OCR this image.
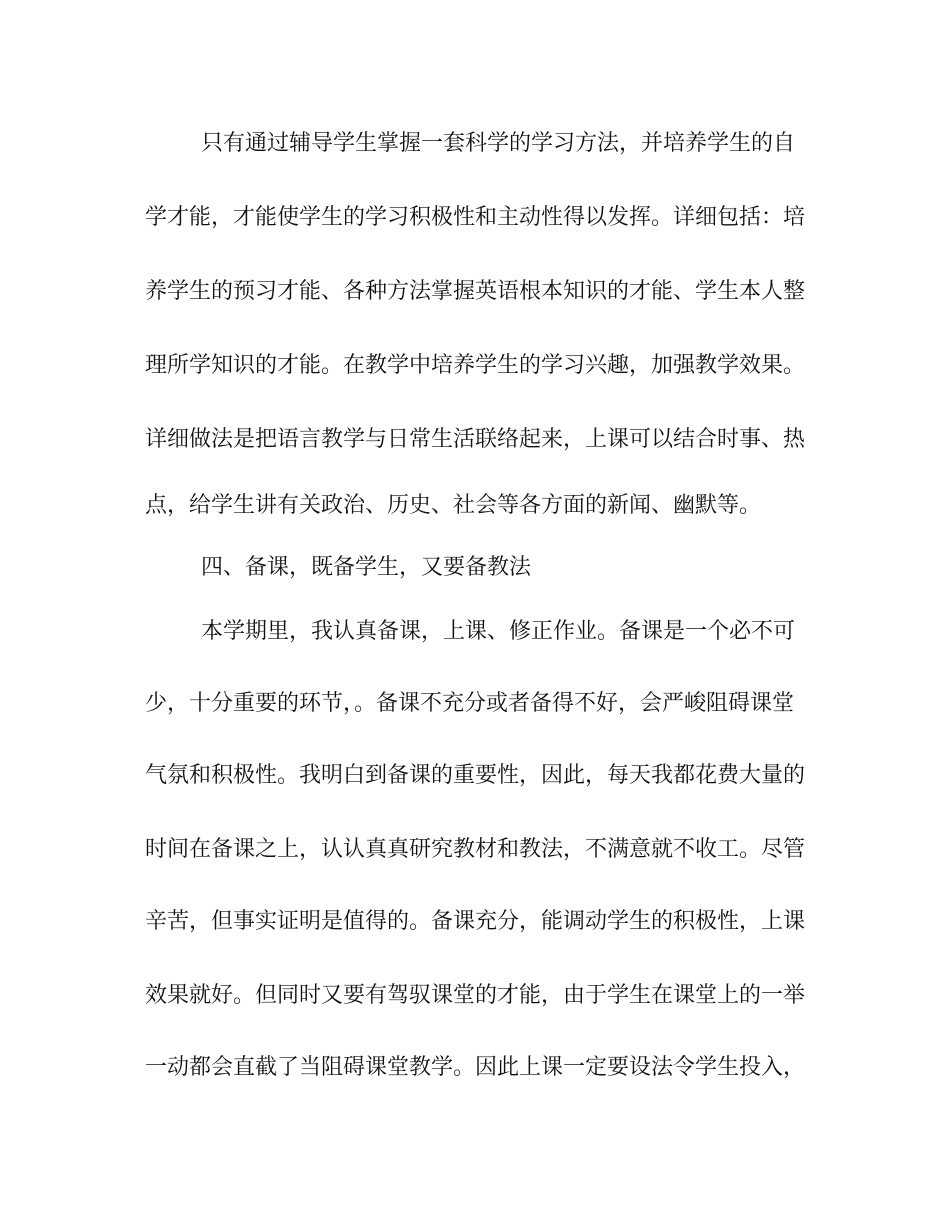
只有通过辅导学生掌握一套科学的学习方法，并培养学生的自
学才能，才能使学生的学习积极性和主动性得以发挥。详细包括：培
养学生的预习才能、各种方法掌握英语根本知识的才能、学生本人整
理所学知识的才能。在教学中培养学生的学习兴趣，加强教学效果。
详细做法是把语言教学与日常生活联络起来，上课可以结合时事、热
点，给学生讲有关政治、历史、社会等各方面的新闻、幽默等。
四、备课，既备学生，又要备教法
本学期里，我认真备课，上课、修正作业。备课是一个必不可
少，十分重要的环节，。备课不充分或者备得不好，会严峻阻碍课堂
气氛和积极性。我明白到备课的重要性，因此，每天我都花费大量的
时间在备课之上，认认真真研究教材和教法，不满意就不收工。尽管
辛苦，但事实证明是值得的。备课充分，能调动学生的积极性，上课
效果就好。但同时又要有驾驭课堂的才能，由于学生在课堂上的一举
一动都会直截了当阻碍课堂教学。因此上课一定要设法令学生投入，
